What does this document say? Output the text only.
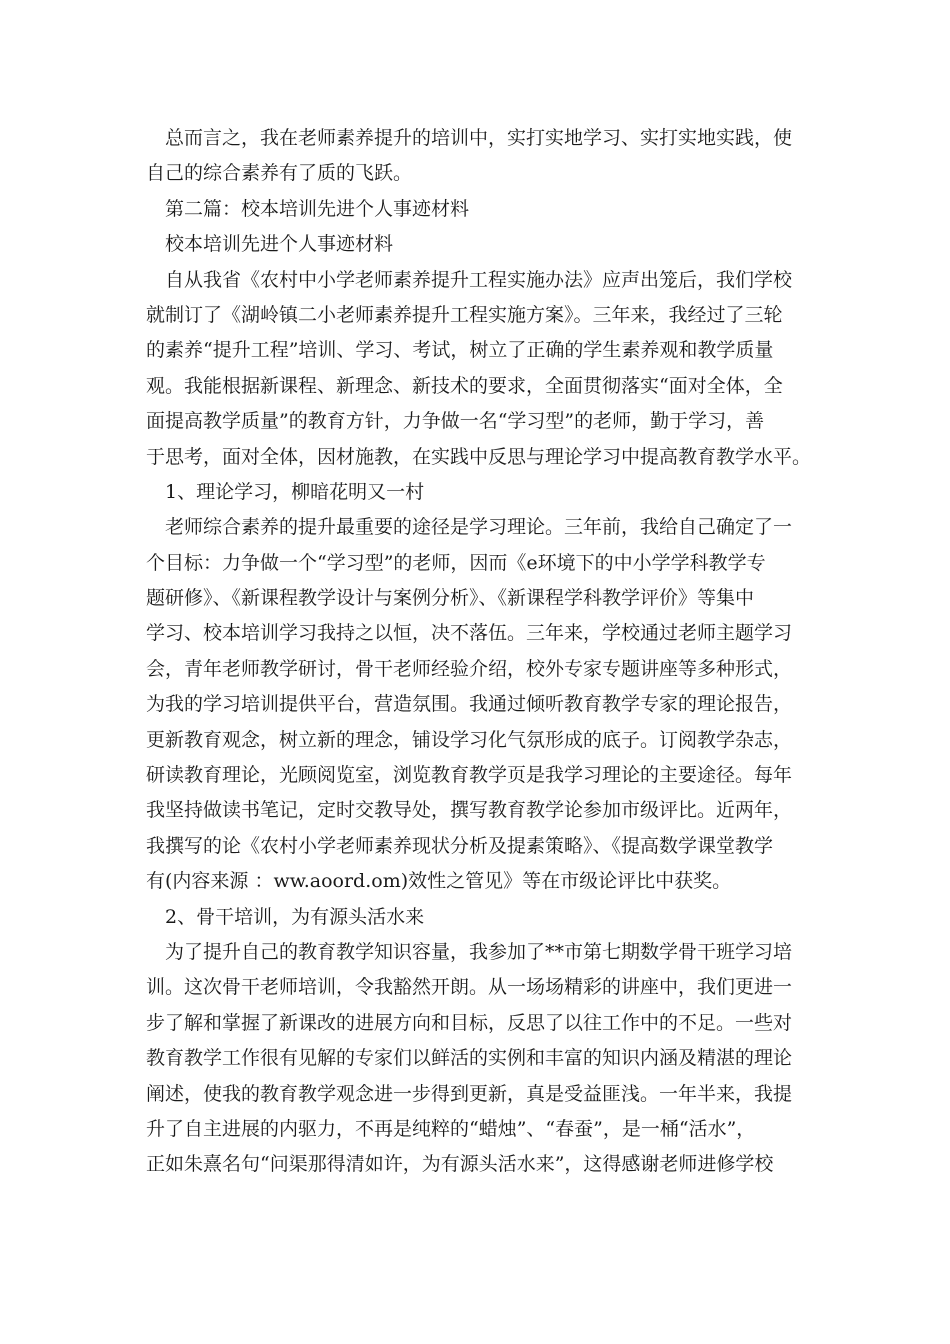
总而言之，我在老师素养提升的培训中，实打实地学习、实打实地实践，使
自己的综合素养有了质的飞跃。
第二篇：校本培训先进个人事迹材料
校本培训先进个人事迹材料
自从我省《农村中小学老师素养提升工程实施办法》应声出笼后，我们学校
就制订了《湖岭镇二小老师素养提升工程实施方案》。三年来，我经过了三轮
的素养“提升工程”培训、学习、考试，树立了正确的学生素养观和教学质量
观。我能根据新课程、新理念、新技术的要求，全面贯彻落实“面对全体，全
面提高教学质量”的教育方针，力争做一名“学习型”的老师，勤于学习，善
于思考，面对全体，因材施教，在实践中反思与理论学习中提高教育教学水平。
1、理论学习，柳暗花明又一村
老师综合素养的提升最重要的途径是学习理论。三年前，我给自己确定了一
个目标：力争做一个“学习型”的老师，因而《e环境下的中小学学科教学专
题研修》、《新课程教学设计与案例分析》、《新课程学科教学评价》等集中
学习、校本培训学习我持之以恒，决不落伍。三年来，学校通过老师主题学习
会，青年老师教学研讨，骨干老师经验介绍，校外专家专题讲座等多种形式，
为我的学习培训提供平台，营造氛围。我通过倾听教育教学专家的理论报告，
更新教育观念，树立新的理念，铺设学习化气氛形成的底子。订阅教学杂志，
研读教育理论，光顾阅览室，浏览教育教学页是我学习理论的主要途径。每年
我坚持做读书笔记，定时交教导处，撰写教育教学论参加市级评比。近两年，
我撰写的论《农村小学老师素养现状分析及提素策略》、《提高数学课堂教学
有(内容来源 ：ww.aoord.om)效性之管见》等在市级论评比中获奖。
2、骨干培训，为有源头活水来
为了提升自己的教育教学知识容量，我参加了**市第七期数学骨干班学习培
训。这次骨干老师培训，令我豁然开朗。从一场场精彩的讲座中，我们更进一
步了解和掌握了新课改的进展方向和目标，反思了以往工作中的不足。一些对
教育教学工作很有见解的专家们以鲜活的实例和丰富的知识内涵及精湛的理论
阐述，使我的教育教学观念进一步得到更新，真是受益匪浅。一年半来，我提
升了自主进展的内驱力，不再是纯粹的“蜡烛”、“春蚕”，是一桶“活水”，
正如朱熹名句“问渠那得清如许，为有源头活水来”，这得感谢老师进修学校
